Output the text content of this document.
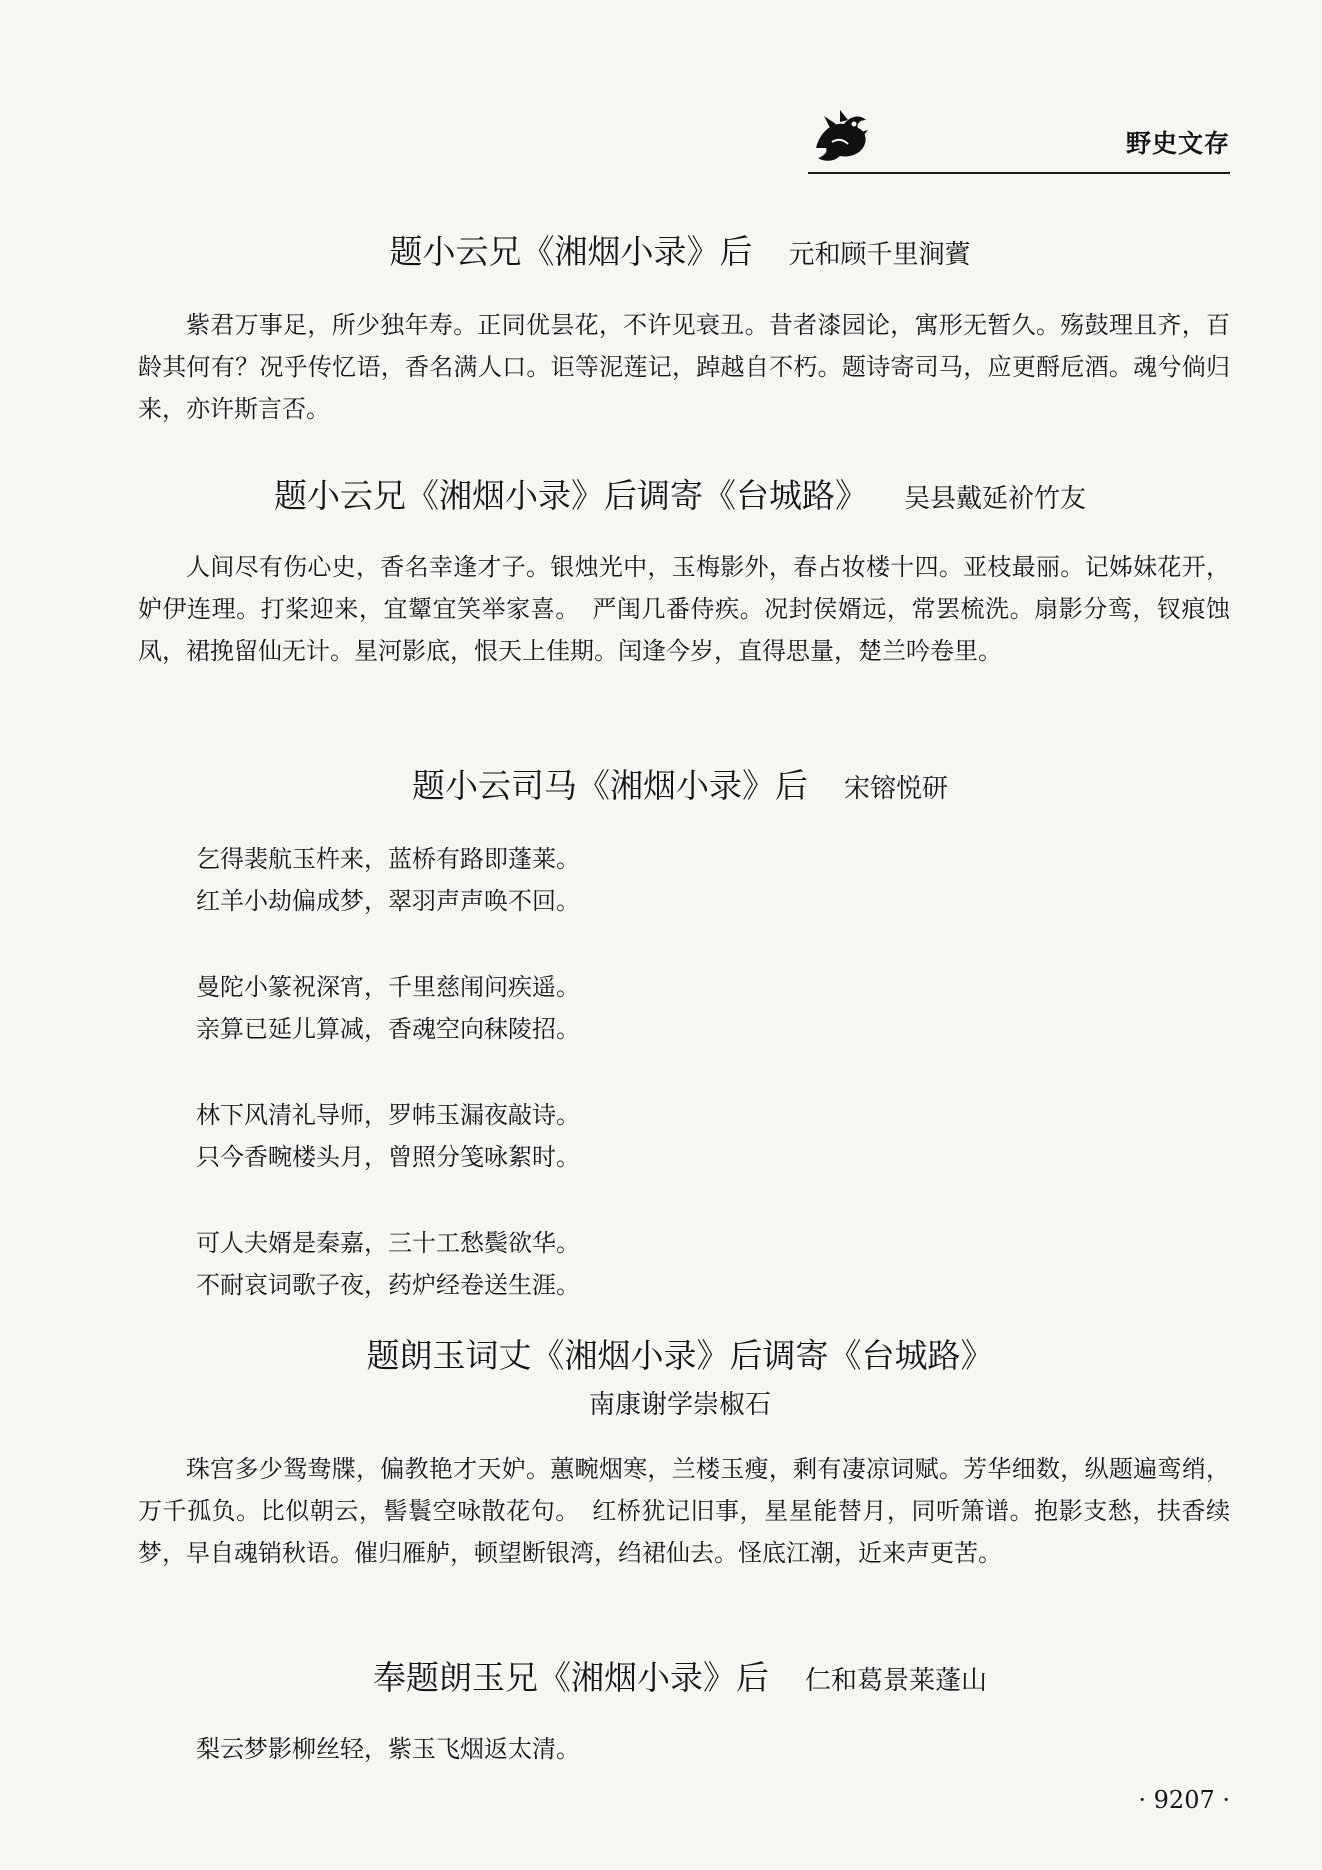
野史文存
题小云兄《湘烟小录》后 元和顾千里涧薲

紫君万事足，所少独年寿。正同优昙花，不许见衰丑。昔者漆园论，寓形无暂久。殇鼓理且齐，百龄其何有？况乎传忆语，香名满人口。讵等泥莲记，踔越自不朽。题诗寄司马，应更酹卮酒。魂兮倘归来，亦许斯言否。

题小云兄《湘烟小录》后调寄《台城路》 吴县戴延祄竹友

人间尽有伤心史，香名幸逢才子。银烛光中，玉梅影外，春占妆楼十四。亚枝最丽。记姊妹花开，妒伊连理。打桨迎来，宜颦宜笑举家喜。　严闺几番侍疾。况封侯婿远，常罢梳洗。扇影分鸾，钗痕蚀凤，裙挽留仙无计。星河影底，恨天上佳期。闰逢今岁，直得思量，楚兰吟卷里。

题小云司马《湘烟小录》后 宋镕悦研
乞得裴航玉杵来，蓝桥有路即蓬莱。
红羊小劫偏成梦，翠羽声声唤不回。
曼陀小篆祝深宵，千里慈闱问疾遥。
亲算已延儿算减，香魂空向秣陵招。
林下风清礼导师，罗帏玉漏夜敲诗。
只今香畹楼头月，曾照分笺咏絮时。
可人夫婿是秦嘉，三十工愁鬓欲华。
不耐哀词歌子夜，药炉经卷送生涯。
题朗玉词丈《湘烟小录》后调寄《台城路》
南康谢学崇椒石

珠宫多少鸳鸯牒，偏教艳才天妒。蕙畹烟寒，兰楼玉瘦，剩有凄凉词赋。芳华细数，纵题遍鸾绡，万千孤负。比似朝云，髻鬟空咏散花句。　红桥犹记旧事，星星能替月，同听箫谱。抱影支愁，扶香续梦，早自魂销秋语。催归雁舻，顿望断银湾，绉裙仙去。怪底江潮，近来声更苦。

奉题朗玉兄《湘烟小录》后 仁和葛景莱蓬山
梨云梦影柳丝轻，紫玉飞烟返太清。
· 9207 ·
